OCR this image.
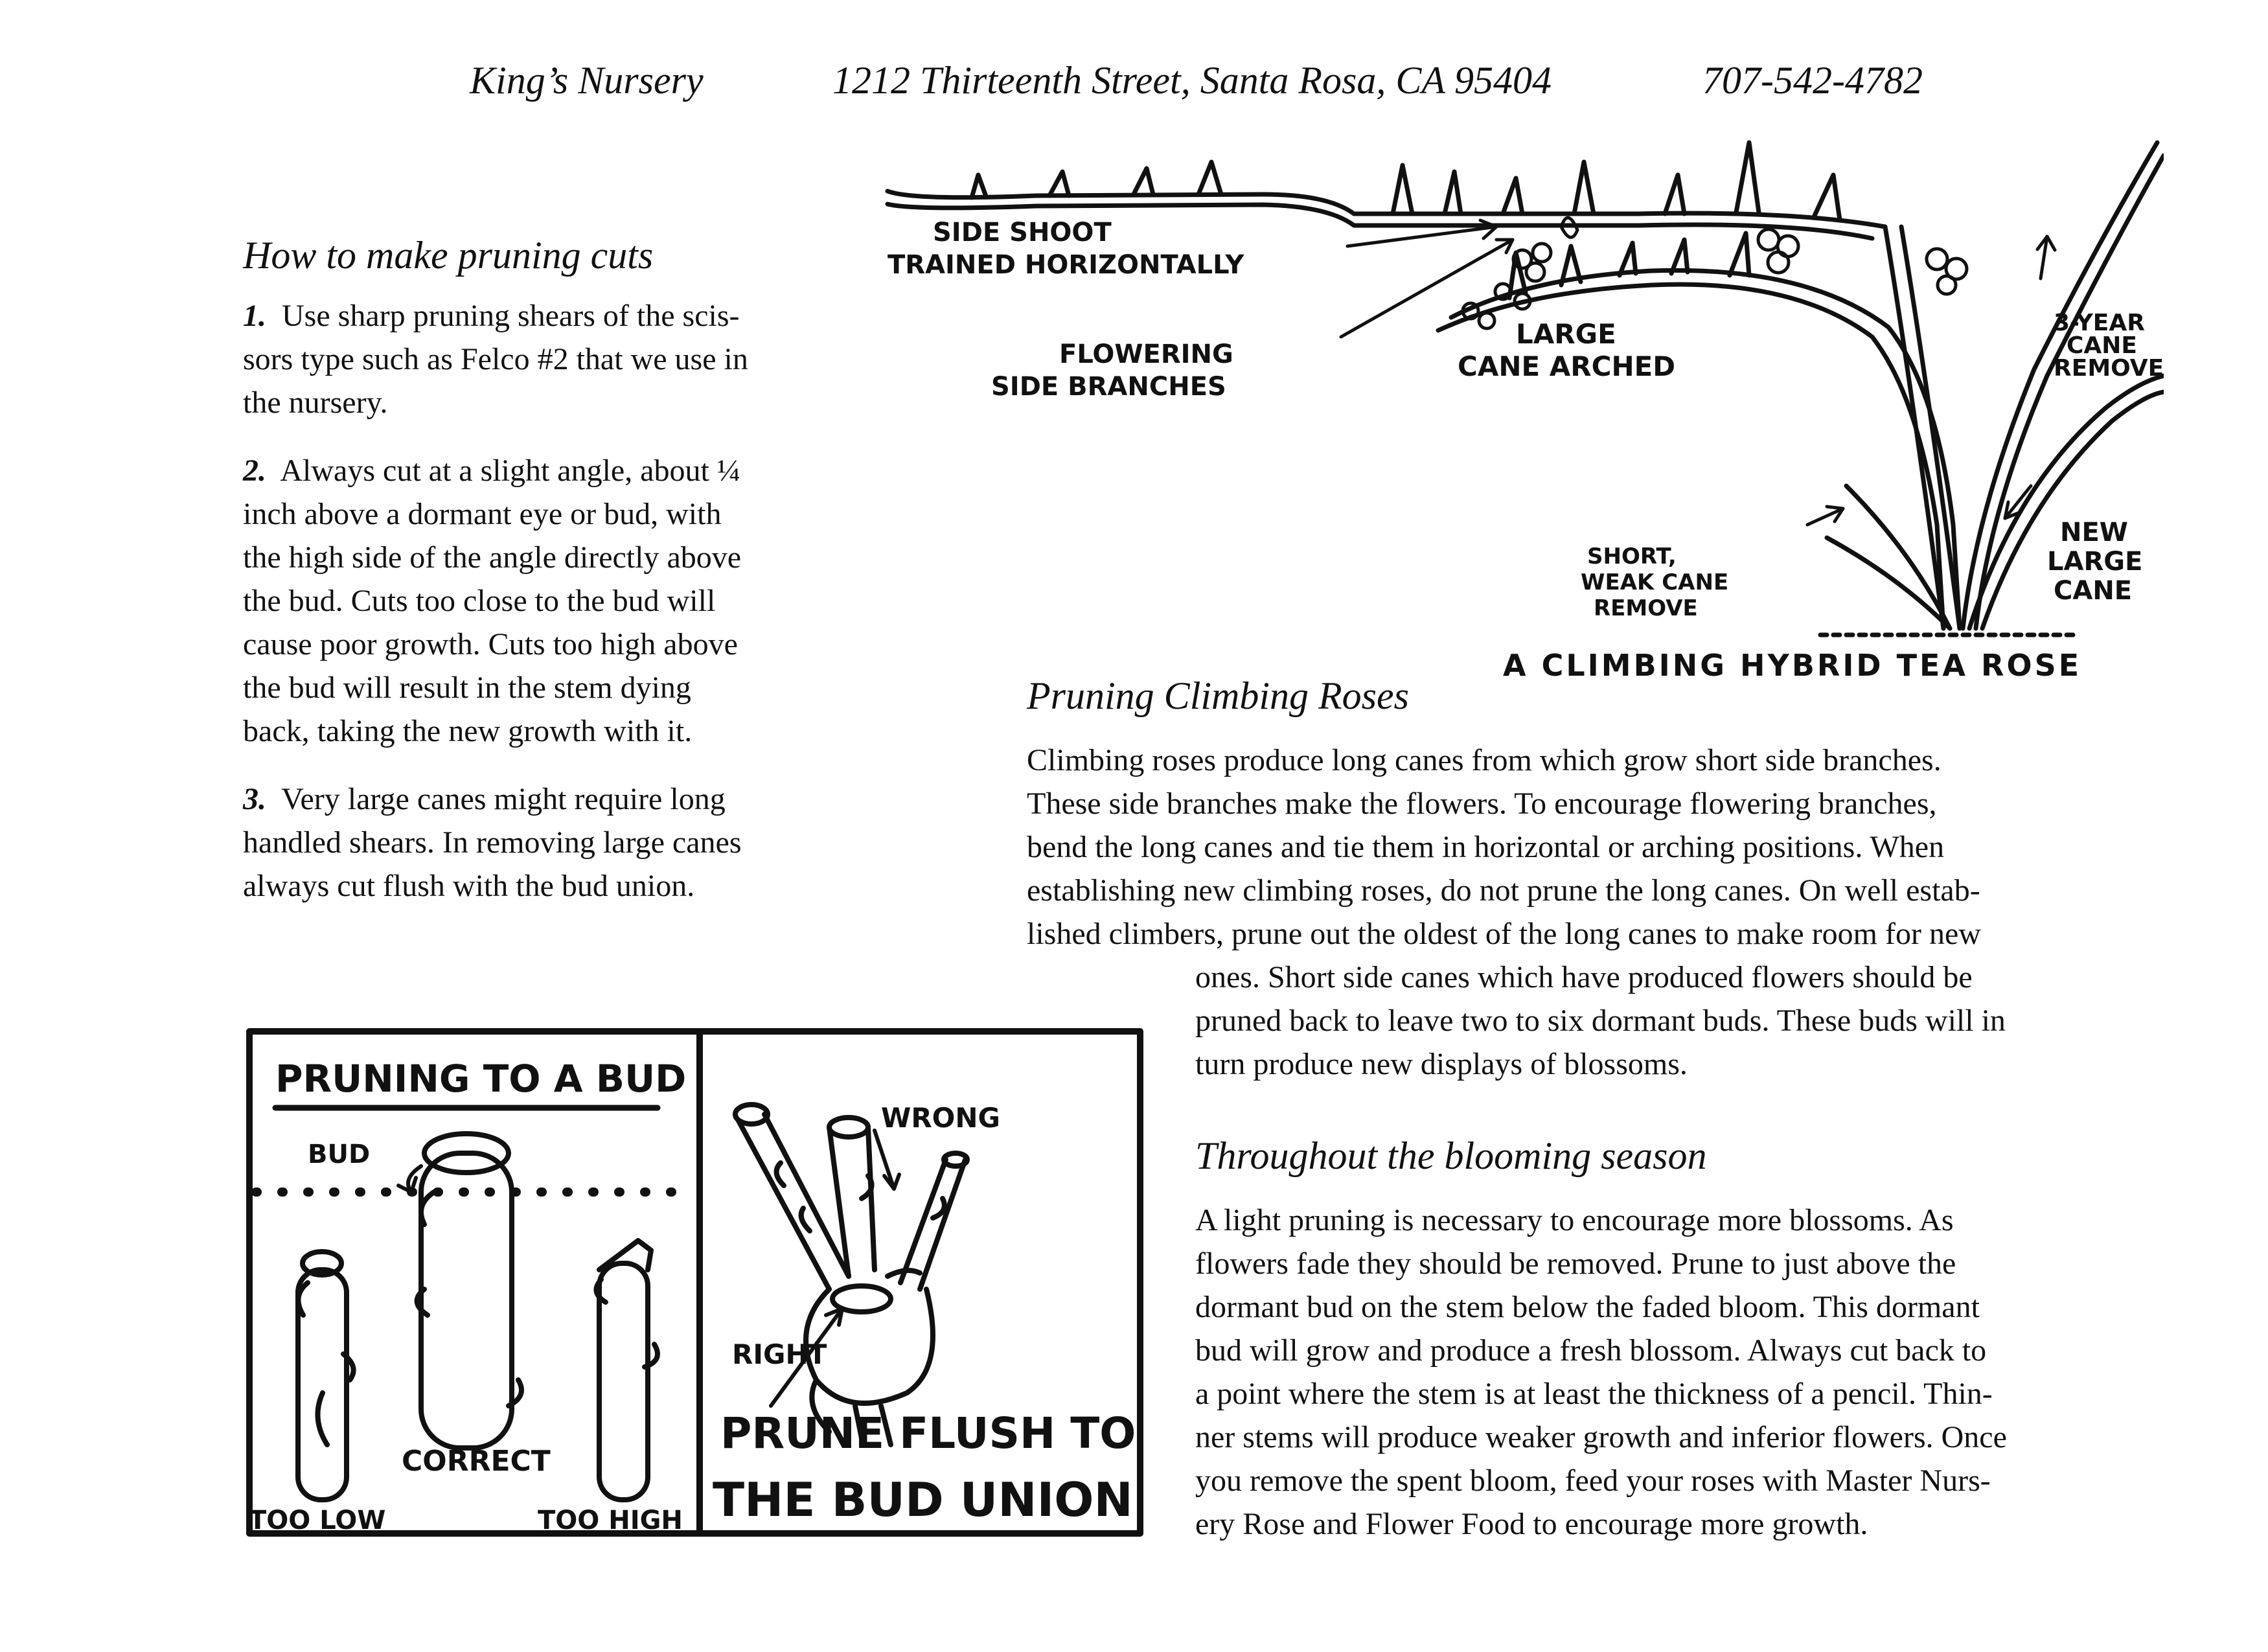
King’s Nursery	1212 Thirteenth Street, Santa Rosa, CA 95404	707-542-4782
How to make pruning cuts

1. Use sharp pruning shears of the scis-

sors type such as Felco #2 that we use in

the nursery.

2. Always cut at a slight angle, about ¼

inch above a dormant eye or bud, with

the high side of the angle directly above

the bud. Cuts too close to the bud will

cause poor growth. Cuts too high above

the bud will result in the stem dying

back, taking the new growth with it.

3. Very large canes might require long

handled shears. In removing large canes

always cut flush with the bud union.

SIDE SHOOT
TRAINED HORIZONTALLY
FLOWERING
SIDE BRANCHES
LARGE
CANE ARCHED
3-YEAR
CANE
REMOVE
NEW
LARGE
CANE
SHORT,
WEAK CANE
REMOVE
A CLIMBING HYBRID TEA ROSE
Pruning Climbing Roses

Climbing roses produce long canes from which grow short side branches.

These side branches make the flowers. To encourage flowering branches,

bend the long canes and tie them in horizontal or arching positions. When

establishing new climbing roses, do not prune the long canes. On well estab-

lished climbers, prune out the oldest of the long canes to make room for new

ones. Short side canes which have produced flowers should be

pruned back to leave two to six dormant buds. These buds will in

turn produce new displays of blossoms.

Throughout the blooming season

A light pruning is necessary to encourage more blossoms. As

flowers fade they should be removed. Prune to just above the

dormant bud on the stem below the faded bloom. This dormant

bud will grow and produce a fresh blossom. Always cut back to

a point where the stem is at least the thickness of a pencil. Thin-

ner stems will produce weaker growth and inferior flowers. Once

you remove the spent bloom, feed your roses with Master Nurs-

ery Rose and Flower Food to encourage more growth.

PRUNING TO A BUD
BUD
TOO LOW
CORRECT
TOO HIGH
WRONG
RIGHT
PRUNE FLUSH TO
THE BUD UNION
